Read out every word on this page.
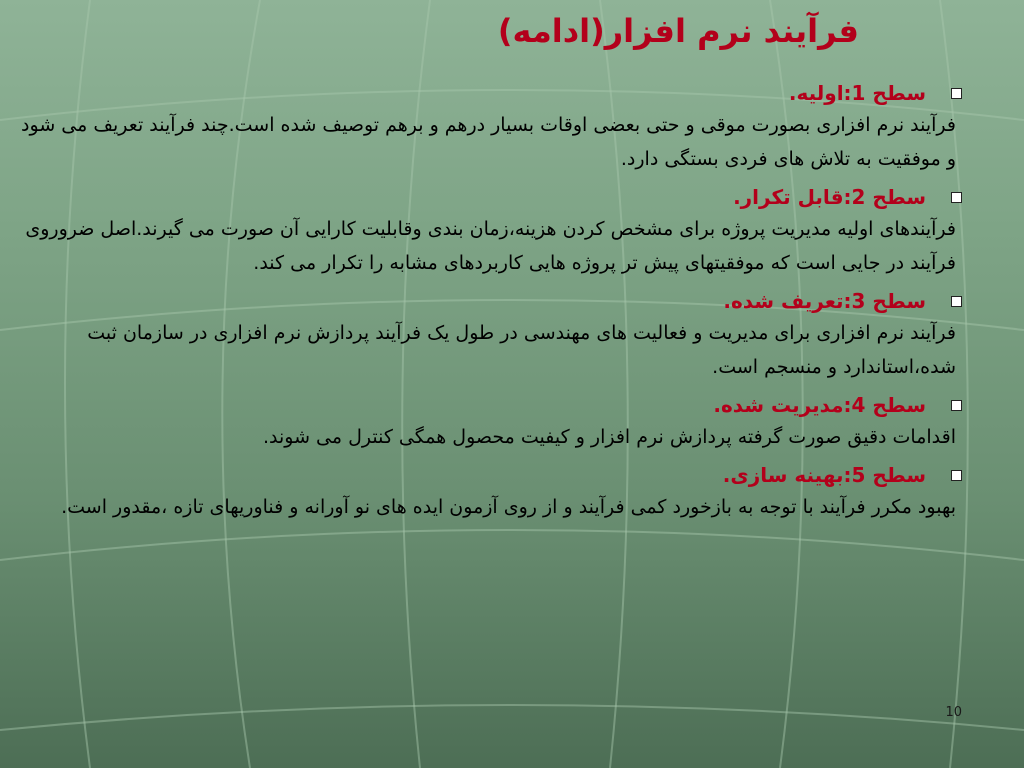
فرآیند نرم افزار(ادامه)
سطح 1:اولیه.
فرآیند نرم افزاری بصورت موقی و حتی بعضی اوقات بسیار درهم و برهم توصیف شده است.چند فرآیند تعریف می شود و موفقیت به تلاش های فردی بستگی دارد.
سطح 2:قابل تکرار.
فرآیندهای اولیه مدیریت پروژه برای مشخص کردن هزینه،زمان بندی وقابلیت کارایی آن صورت می گیرند.اصل ضروروی فرآیند در جایی است که موفقیتهای پیش تر پروژه هایی کاربردهای مشابه را تکرار می کند.
سطح 3:تعریف شده.
فرآیند نرم افزاری برای مدیریت و فعالیت های مهندسی در طول یک فرآیند پردازش نرم افزاری در سازمان ثبت شده،استاندارد و منسجم است.
سطح 4:مدیریت شده.
اقدامات دقیق صورت گرفته پردازش نرم افزار و کیفیت محصول همگی کنترل می شوند.
سطح 5:بهینه سازی.
بهبود مکرر فرآیند با توجه به بازخورد کمی فرآیند و از روی آزمون ایده های نو آورانه و فناوریهای تازه ،مقدور است.
10
